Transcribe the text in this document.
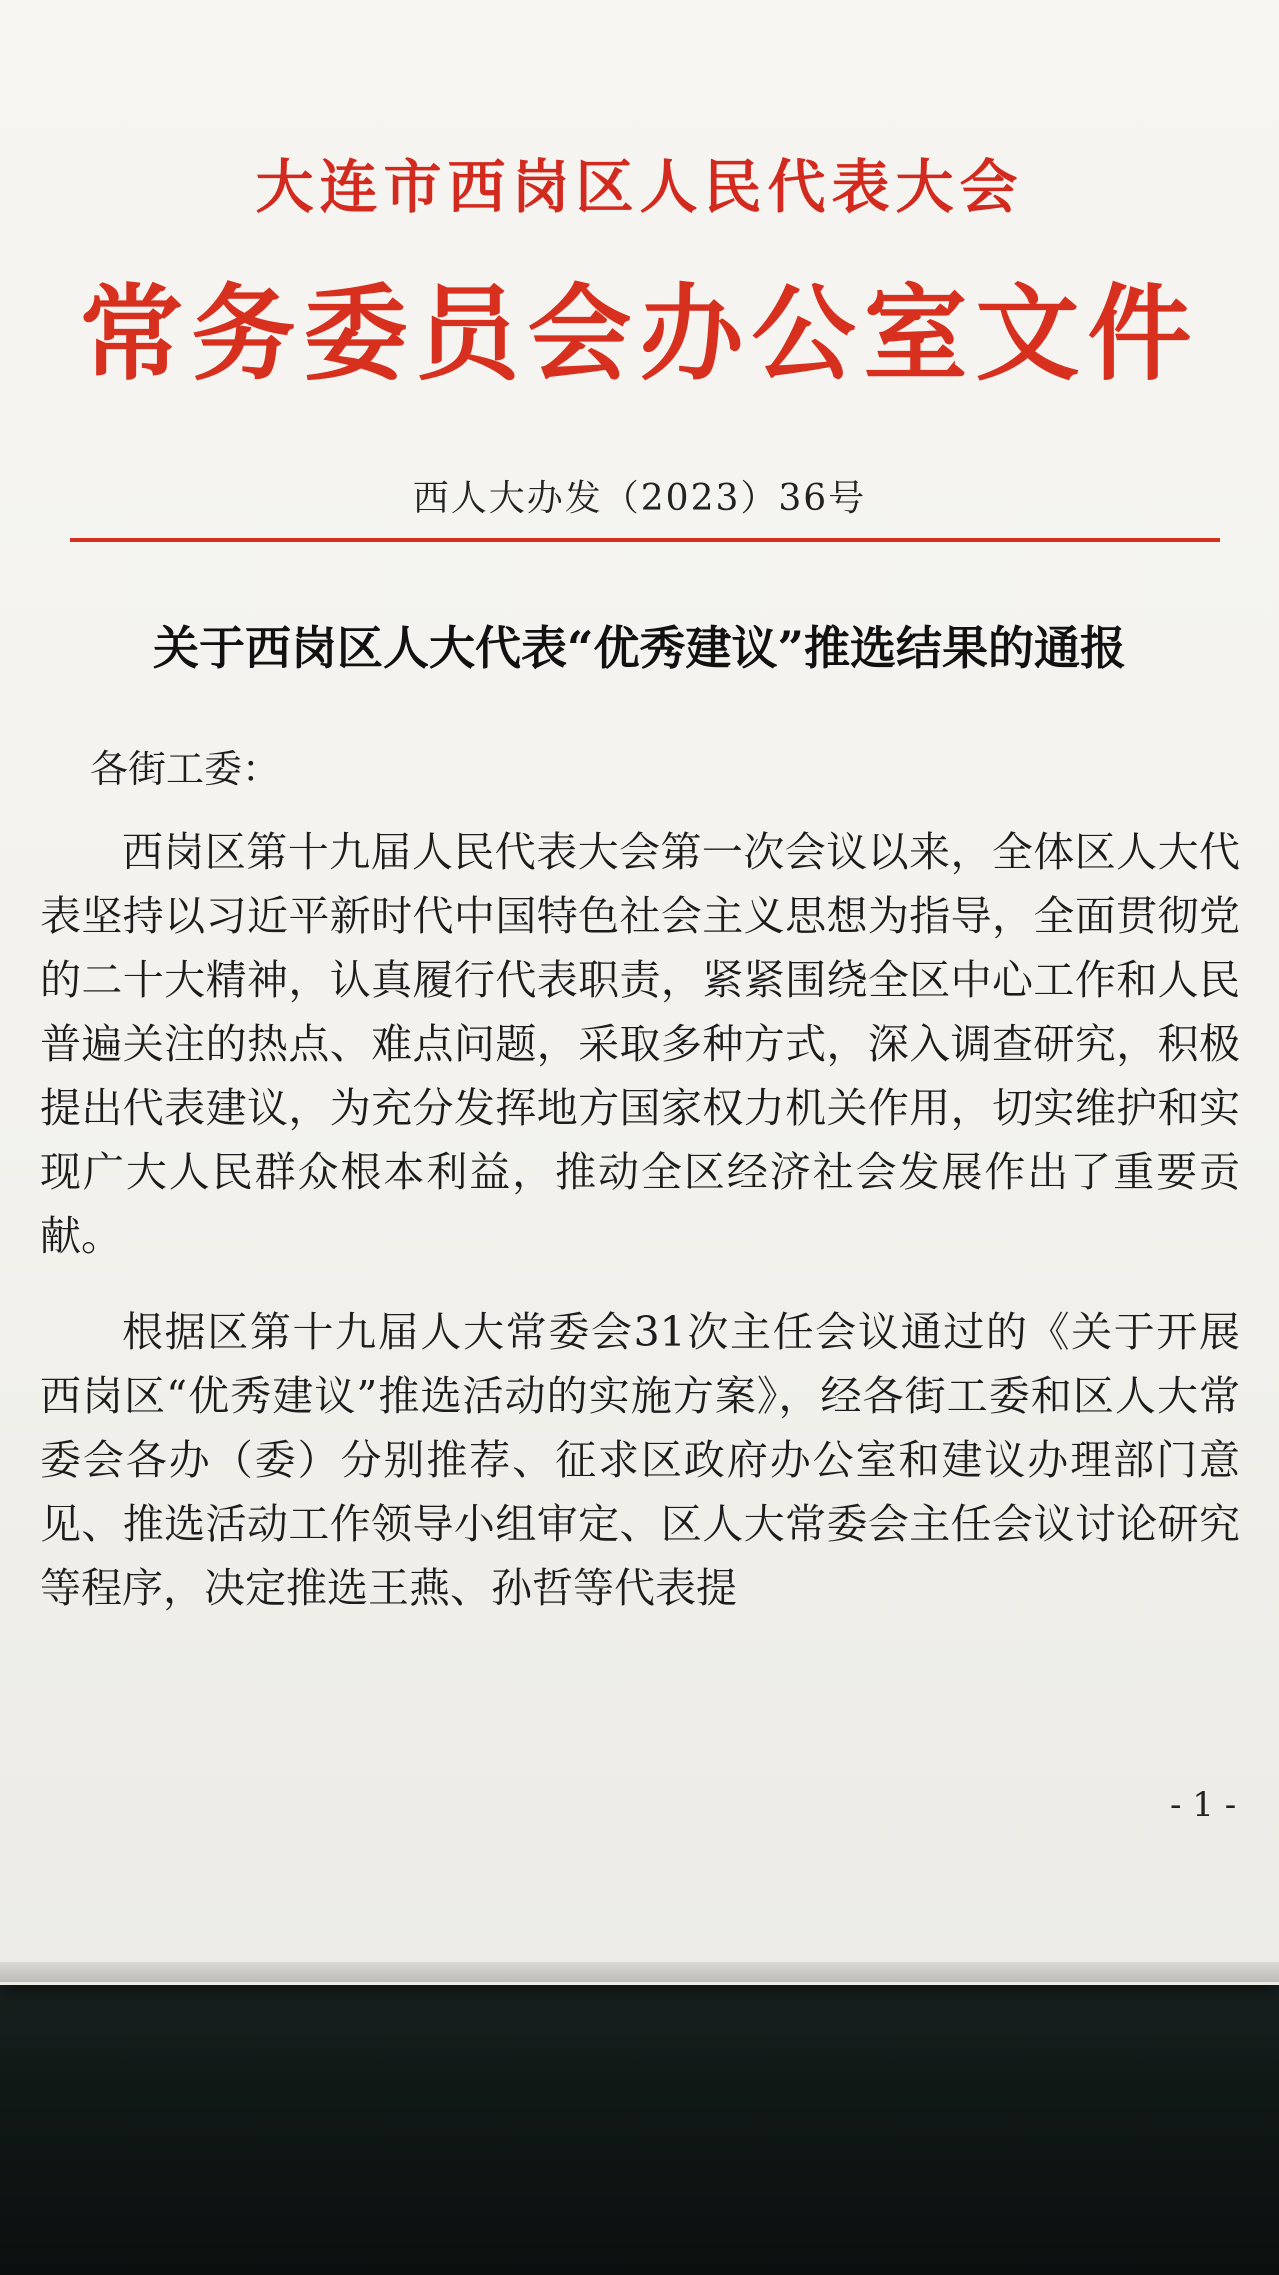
大连市西岗区人民代表大会
常务委员会办公室文件
西人大办发（2023）36号
关于西岗区人大代表“优秀建议”推选结果的通报
各街工委：

西岗区第十九届人民代表大会第一次会议以来，全体区人大代表坚持以习近平新时代中国特色社会主义思想为指导，全面贯彻党的二十大精神，认真履行代表职责，紧紧围绕全区中心工作和人民普遍关注的热点、难点问题，采取多种方式，深入调查研究，积极提出代表建议，为充分发挥地方国家权力机关作用，切实维护和实现广大人民群众根本利益，推动全区经济社会发展作出了重要贡献。

根据区第十九届人大常委会31次主任会议通过的《关于开展西岗区“优秀建议”推选活动的实施方案》，经各街工委和区人大常委会各办（委）分别推荐、征求区政府办公室和建议办理部门意见、推选活动工作领导小组审定、区人大常委会主任会议讨论研究等程序，决定推选王燕、孙哲等代表提

- 1 -
